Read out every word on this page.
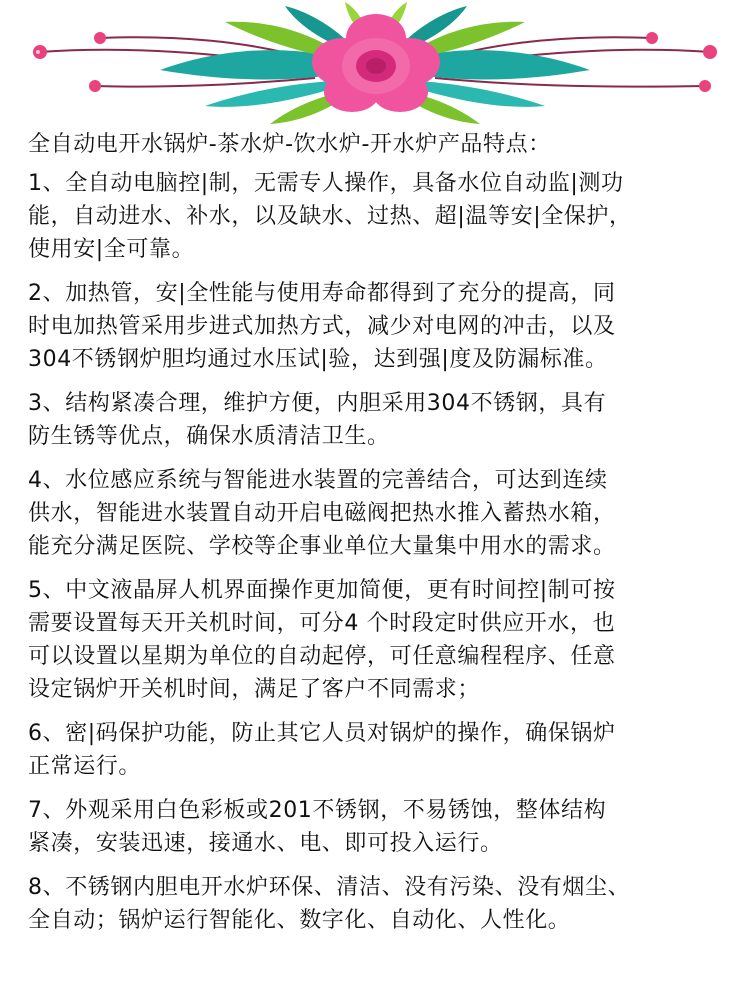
全自动电开水锅炉-茶水炉-饮水炉-开水炉产品特点：
1、全自动电脑控|制，无需专人操作，具备水位自动监|测功
能，自动进水、补水，以及缺水、过热、超|温等安|全保护，
使用安|全可靠。
2、加热管，安|全性能与使用寿命都得到了充分的提高，同
时电加热管采用步进式加热方式，减少对电网的冲击，以及
304不锈钢炉胆均通过水压试|验，达到强|度及防漏标准。
3、结构紧凑合理，维护方便，内胆采用304不锈钢，具有
防生锈等优点，确保水质清洁卫生。
4、水位感应系统与智能进水装置的完善结合，可达到连续
供水，智能进水装置自动开启电磁阀把热水推入蓄热水箱，
能充分满足医院、学校等企事业单位大量集中用水的需求。
5、中文液晶屏人机界面操作更加简便，更有时间控|制可按
需要设置每天开关机时间，可分4 个时段定时供应开水，也
可以设置以星期为单位的自动起停，可任意编程程序、任意
设定锅炉开关机时间，满足了客户不同需求；
6、密|码保护功能，防止其它人员对锅炉的操作，确保锅炉
正常运行。
7、外观采用白色彩板或201不锈钢，不易锈蚀，整体结构
紧凑，安装迅速，接通水、电、即可投入运行。
8、不锈钢内胆电开水炉环保、清洁、没有污染、没有烟尘、
全自动；锅炉运行智能化、数字化、自动化、人性化。
